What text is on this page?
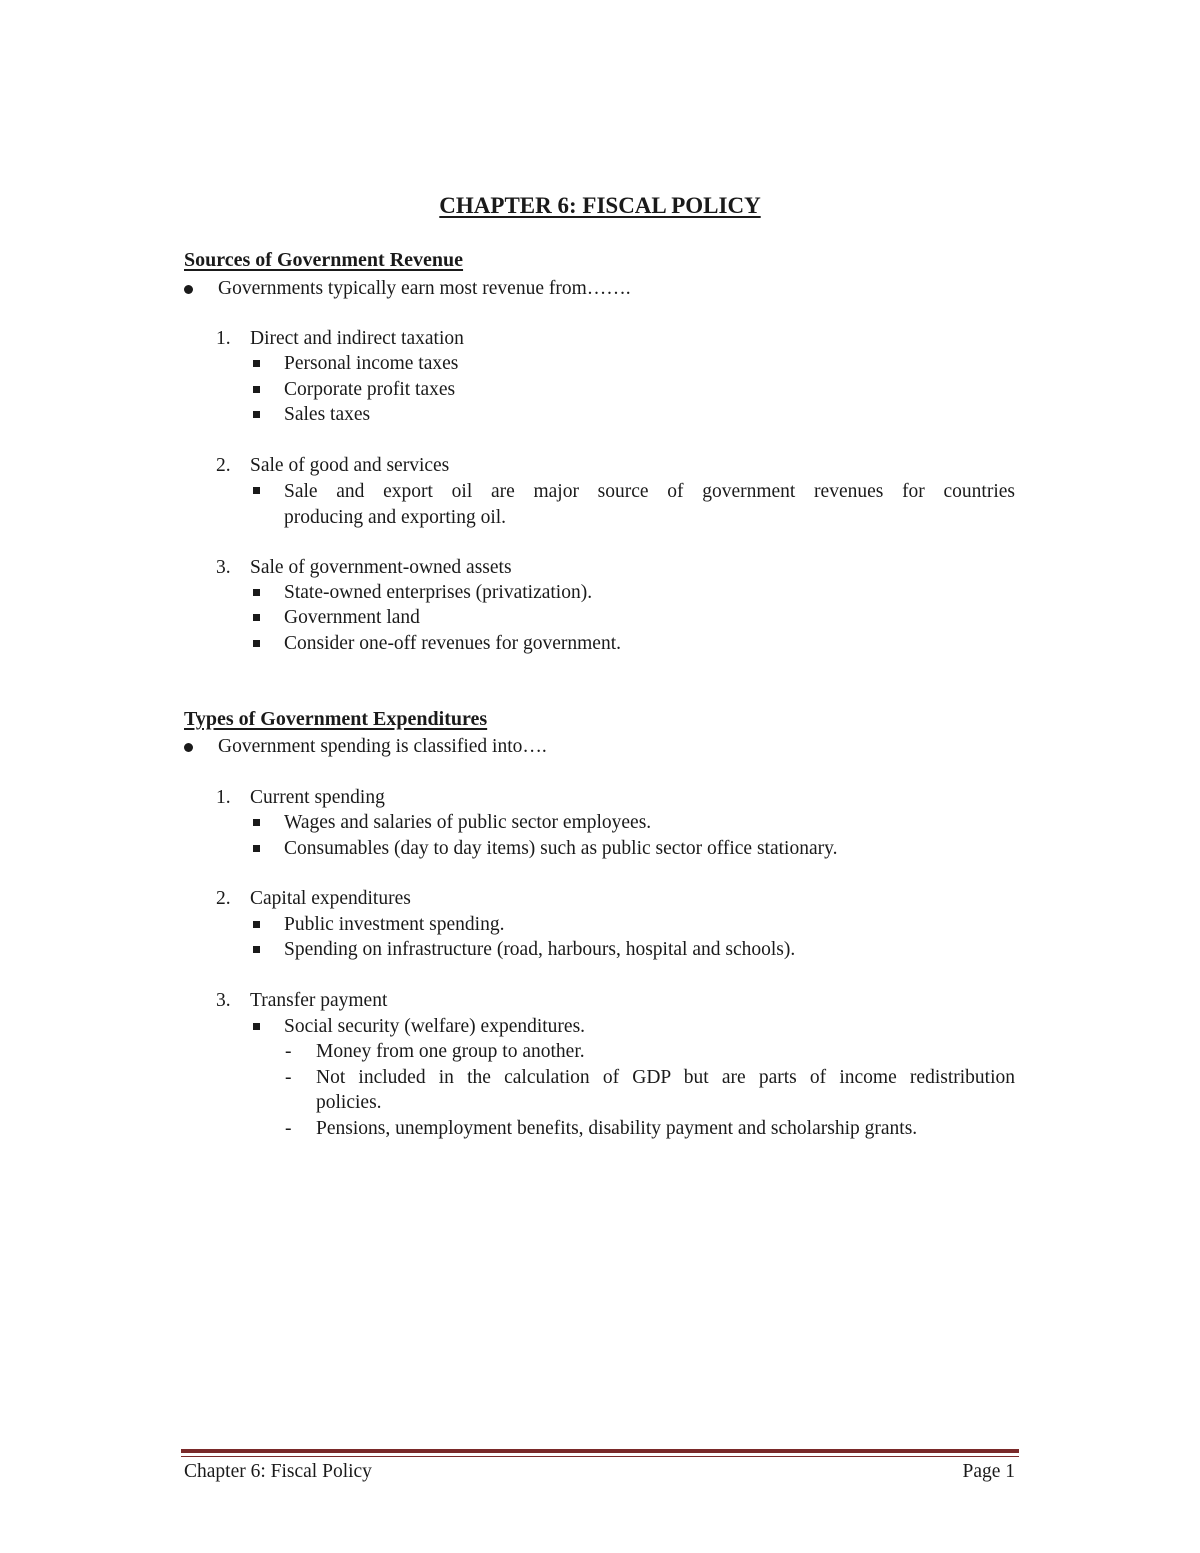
CHAPTER 6: FISCAL POLICY
Sources of Government Revenue
Governments typically earn most revenue from…….
1. Direct and indirect taxation
Personal income taxes
Corporate profit taxes
Sales taxes
2. Sale of good and services
Sale and export oil are major source of government revenues for countries
producing and exporting oil.
3. Sale of government-owned assets
State-owned enterprises (privatization).
Government land
Consider one-off revenues for government.
Types of Government Expenditures
Government spending is classified into….
1. Current spending
Wages and salaries of public sector employees.
Consumables (day to day items) such as public sector office stationary.
2. Capital expenditures
Public investment spending.
Spending on infrastructure (road, harbours, hospital and schools).
3. Transfer payment
Social security (welfare) expenditures.
- Money from one group to another.
- Not included in the calculation of GDP but are parts of income redistribution
policies.
- Pensions, unemployment benefits, disability payment and scholarship grants.
Chapter 6: Fiscal Policy	Page 1
